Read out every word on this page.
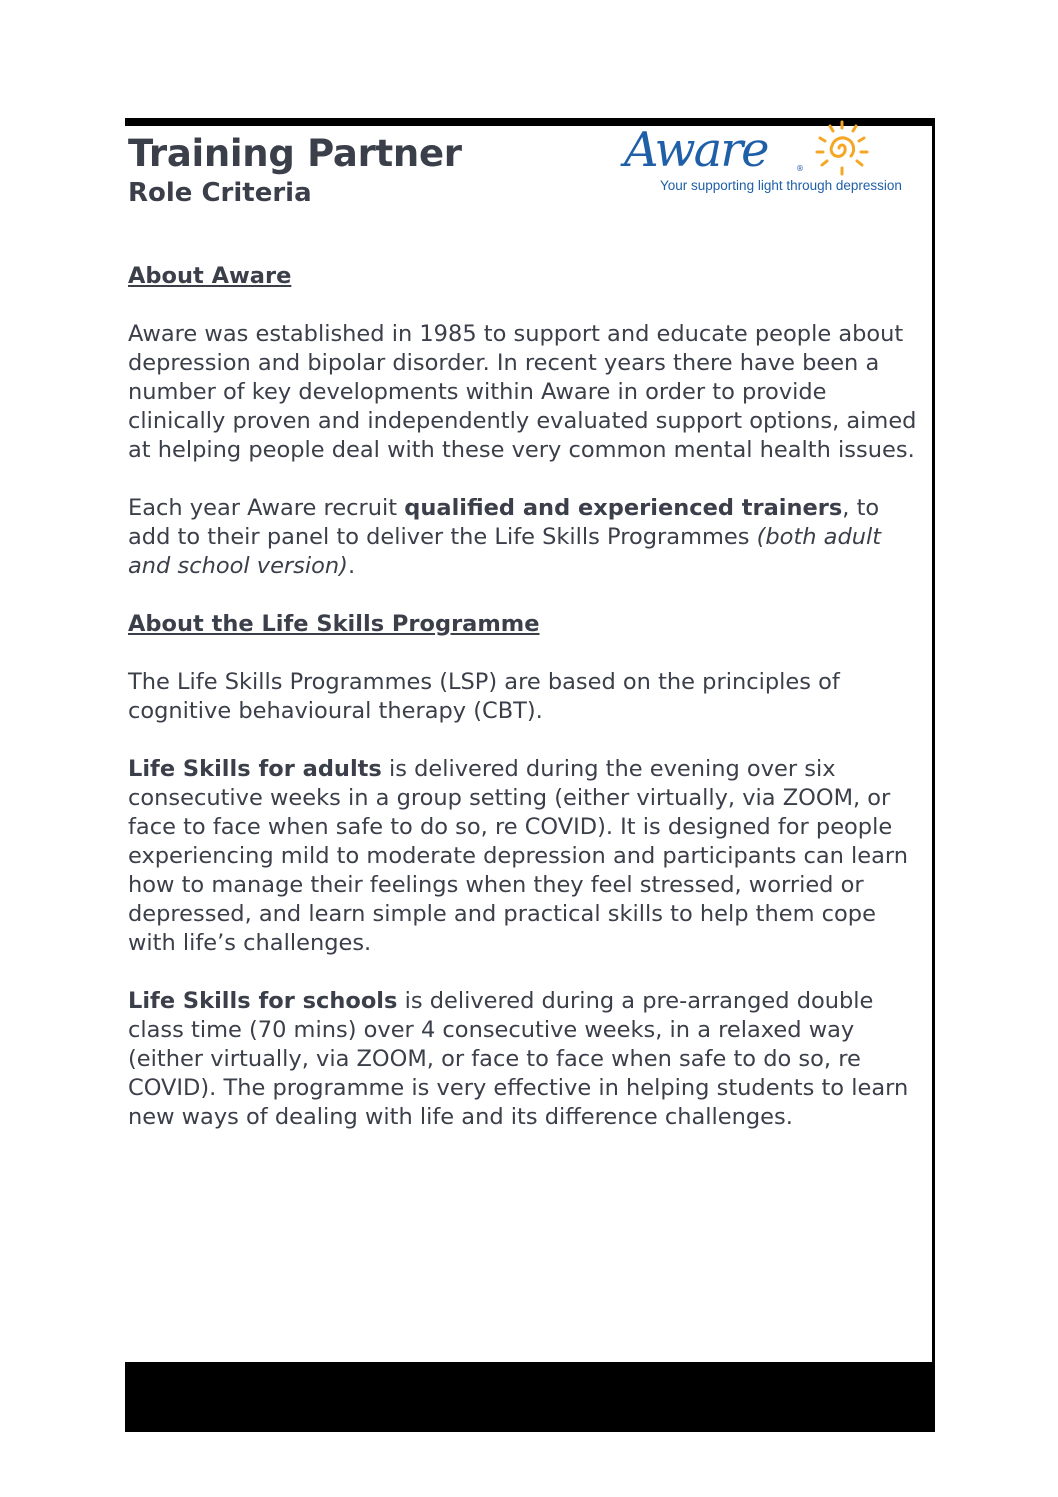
Training Partner
Role Criteria
Aware	®
Your supporting light through depression
About Aware

Aware was established in 1985 to support and educate people about depression and bipolar disorder. In recent years there have been a number of key developments within Aware in order to provide clinically proven and independently evaluated support options, aimed at helping people deal with these very common mental health issues.

Each year Aware recruit qualified and experienced trainers, to add to their panel to deliver the Life Skills Programmes (both adult and school version).

About the Life Skills Programme

The Life Skills Programmes (LSP) are based on the principles of cognitive behavioural therapy (CBT).

Life Skills for adults is delivered during the evening over six consecutive weeks in a group setting (either virtually, via ZOOM, or face to face when safe to do so, re COVID). It is designed for people experiencing mild to moderate depression and participants can learn how to manage their feelings when they feel stressed, worried or depressed, and learn simple and practical skills to help them cope with life’s challenges.

Life Skills for schools is delivered during a pre-arranged double class time (70 mins) over 4 consecutive weeks, in a relaxed way (either virtually, via ZOOM, or face to face when safe to do so, re COVID). The programme is very effective in helping students to learn new ways of dealing with life and its difference challenges.
